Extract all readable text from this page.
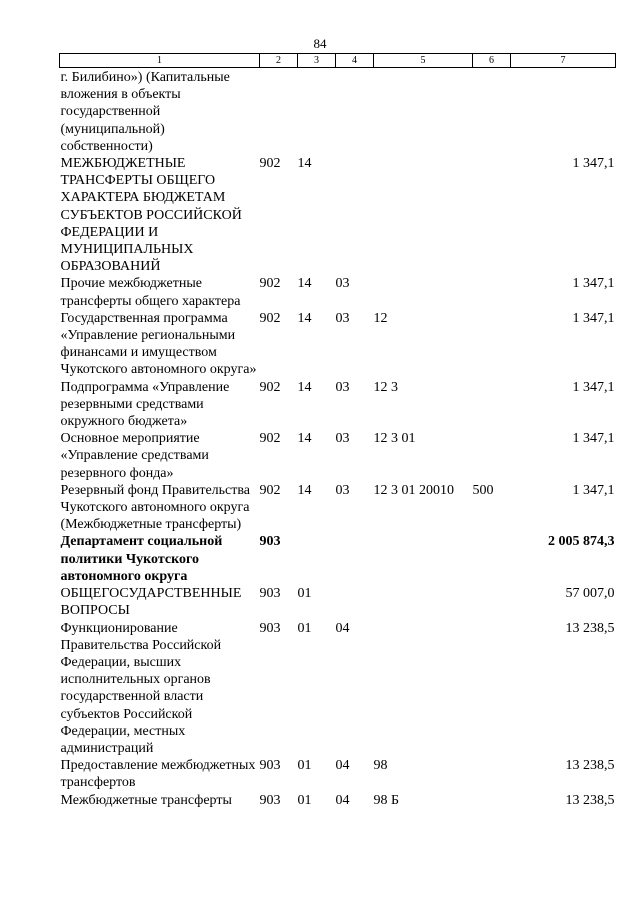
84
1	2	3	4	5	6	7
г. Билибино») (Капитальные вложения в объекты государственной (муниципальной) собственности)						
МЕЖБЮДЖЕТНЫЕ ТРАНСФЕРТЫ ОБЩЕГО ХАРАКТЕРА БЮДЖЕТАМ СУБЪЕКТОВ РОССИЙСКОЙ ФЕДЕРАЦИИ И МУНИЦИПАЛЬНЫХ ОБРАЗОВАНИЙ	902	14				1 347,1
Прочие межбюджетные трансферты общего характера	902	14	03			1 347,1
Государственная программа «Управление региональными финансами и имуществом Чукотского автономного округа»	902	14	03	12		1 347,1
Подпрограмма «Управление резервными средствами окружного бюджета»	902	14	03	12 3		1 347,1
Основное мероприятие «Управление средствами резервного фонда»	902	14	03	12 3 01		1 347,1
Резервный фонд Правительства Чукотского автономного округа (Межбюджетные трансферты)	902	14	03	12 3 01 20010	500	1 347,1
Департамент социальной политики Чукотского автономного округа	903					2 005 874,3
ОБЩЕГОСУДАРСТВЕННЫЕ ВОПРОСЫ	903	01				57 007,0
Функционирование Правительства Российской Федерации, высших исполнительных органов государственной власти субъектов Российской Федерации, местных администраций	903	01	04			13 238,5
Предоставление межбюджетных трансфертов	903	01	04	98		13 238,5
Межбюджетные трансферты	903	01	04	98 Б		13 238,5
